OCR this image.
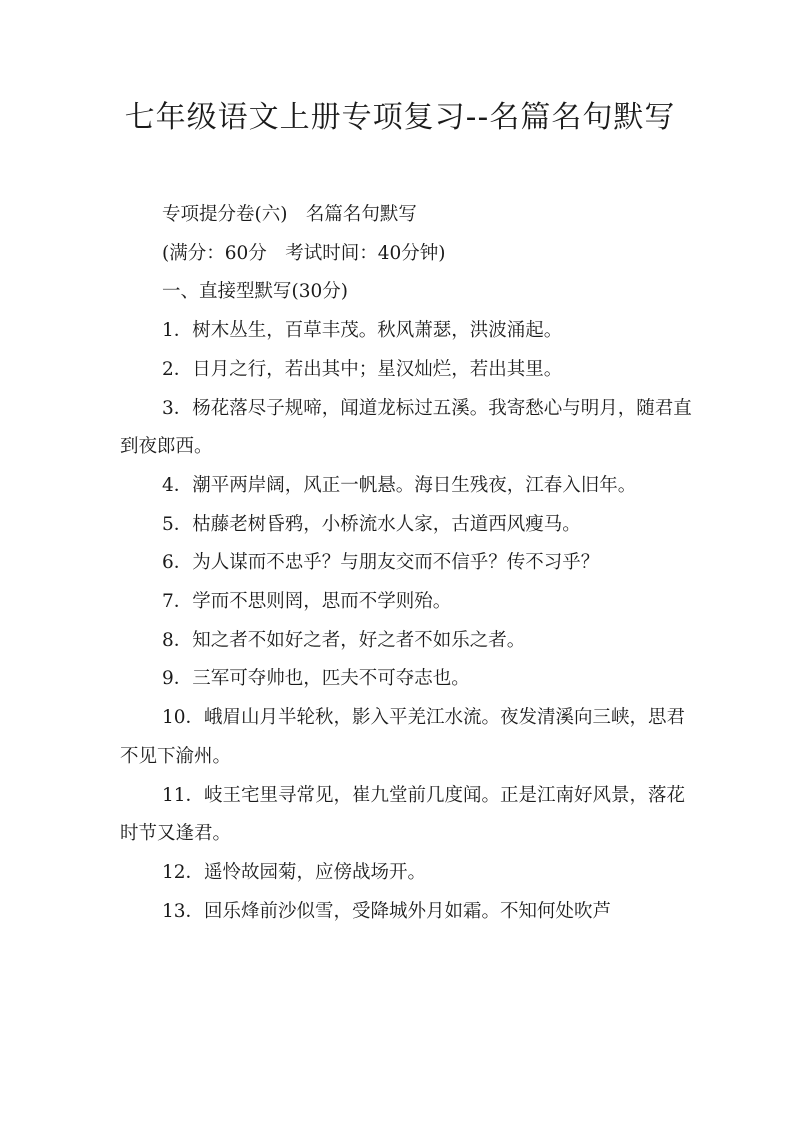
七年级语文上册专项复习--名篇名句默写

专项提分卷(六)　名篇名句默写

(满分：60分　考试时间：40分钟)

一、直接型默写(30分)

1．树木丛生，百草丰茂。秋风萧瑟，洪波涌起。

2．日月之行，若出其中；星汉灿烂，若出其里。

3．杨花落尽子规啼，闻道龙标过五溪。我寄愁心与明月，随君直到夜郎西。

4．潮平两岸阔，风正一帆悬。海日生残夜，江春入旧年。

5．枯藤老树昏鸦，小桥流水人家，古道西风瘦马。

6．为人谋而不忠乎？与朋友交而不信乎？传不习乎？

7．学而不思则罔，思而不学则殆。

8．知之者不如好之者，好之者不如乐之者。

9．三军可夺帅也，匹夫不可夺志也。

10．峨眉山月半轮秋，影入平羌江水流。夜发清溪向三峡，思君不见下渝州。

11．岐王宅里寻常见，崔九堂前几度闻。正是江南好风景，落花时节又逢君。

12．遥怜故园菊，应傍战场开。

13．回乐烽前沙似雪，受降城外月如霜。不知何处吹芦
